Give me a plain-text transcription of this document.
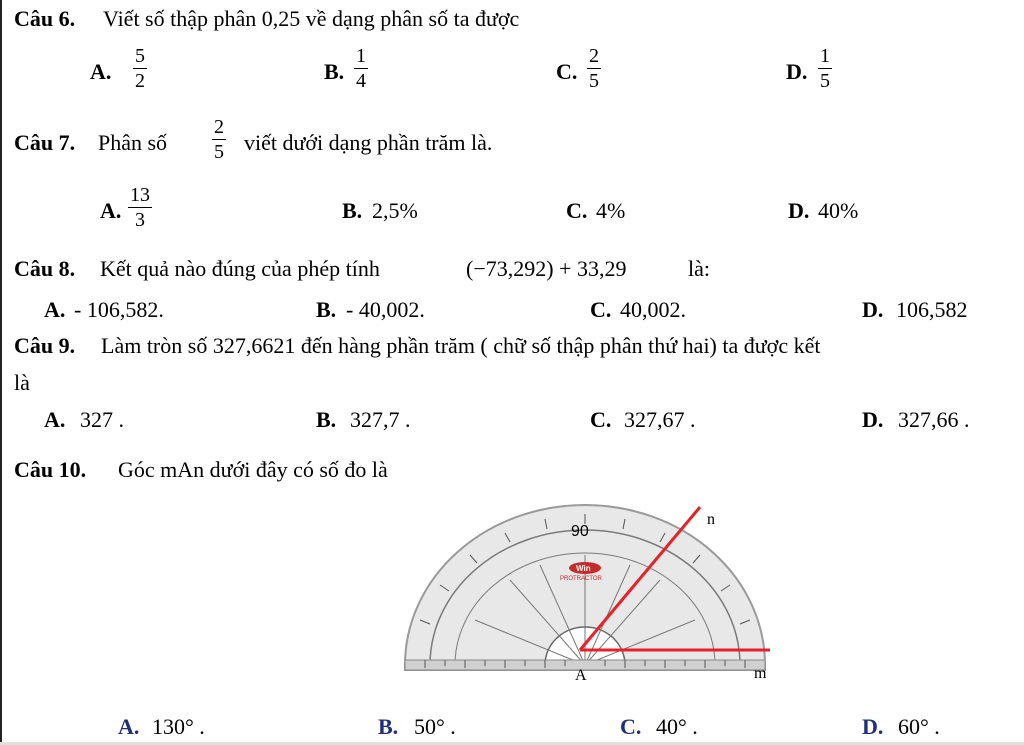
Câu 6. Viết số thập phân 0,25 về dạng phân số ta được
A. $\frac{5}{2}$	B. $\frac{1}{4}$	C. $\frac{2}{5}$	D. $\frac{1}{5}$
Câu 7. Phân số $\frac{2}{5}$ viết dưới dạng phần trăm là.
A. $\frac{13}{3}$	B. 2,5%	C. 4%	D. 40%
Câu 8. Kết quả nào đúng của phép tính	(−73,292) + 33,29	là:
A. - 106,582.	B. - 40,002.	C. 40,002.	D. 106,582
Câu 9. Làm tròn số 327,6621 đến hàng phần trăm ( chữ số thập phân thứ hai) ta được kết
là
A. 327 .	B. 327,7 .	C. 327,67 .	D. 327,66 .
Câu 10. Góc mAn dưới đây có số đo là
90
Win
PROTRACTOR
n
A	m
A. 130° .	B. 50° .	C. 40° .	D. 60° .
